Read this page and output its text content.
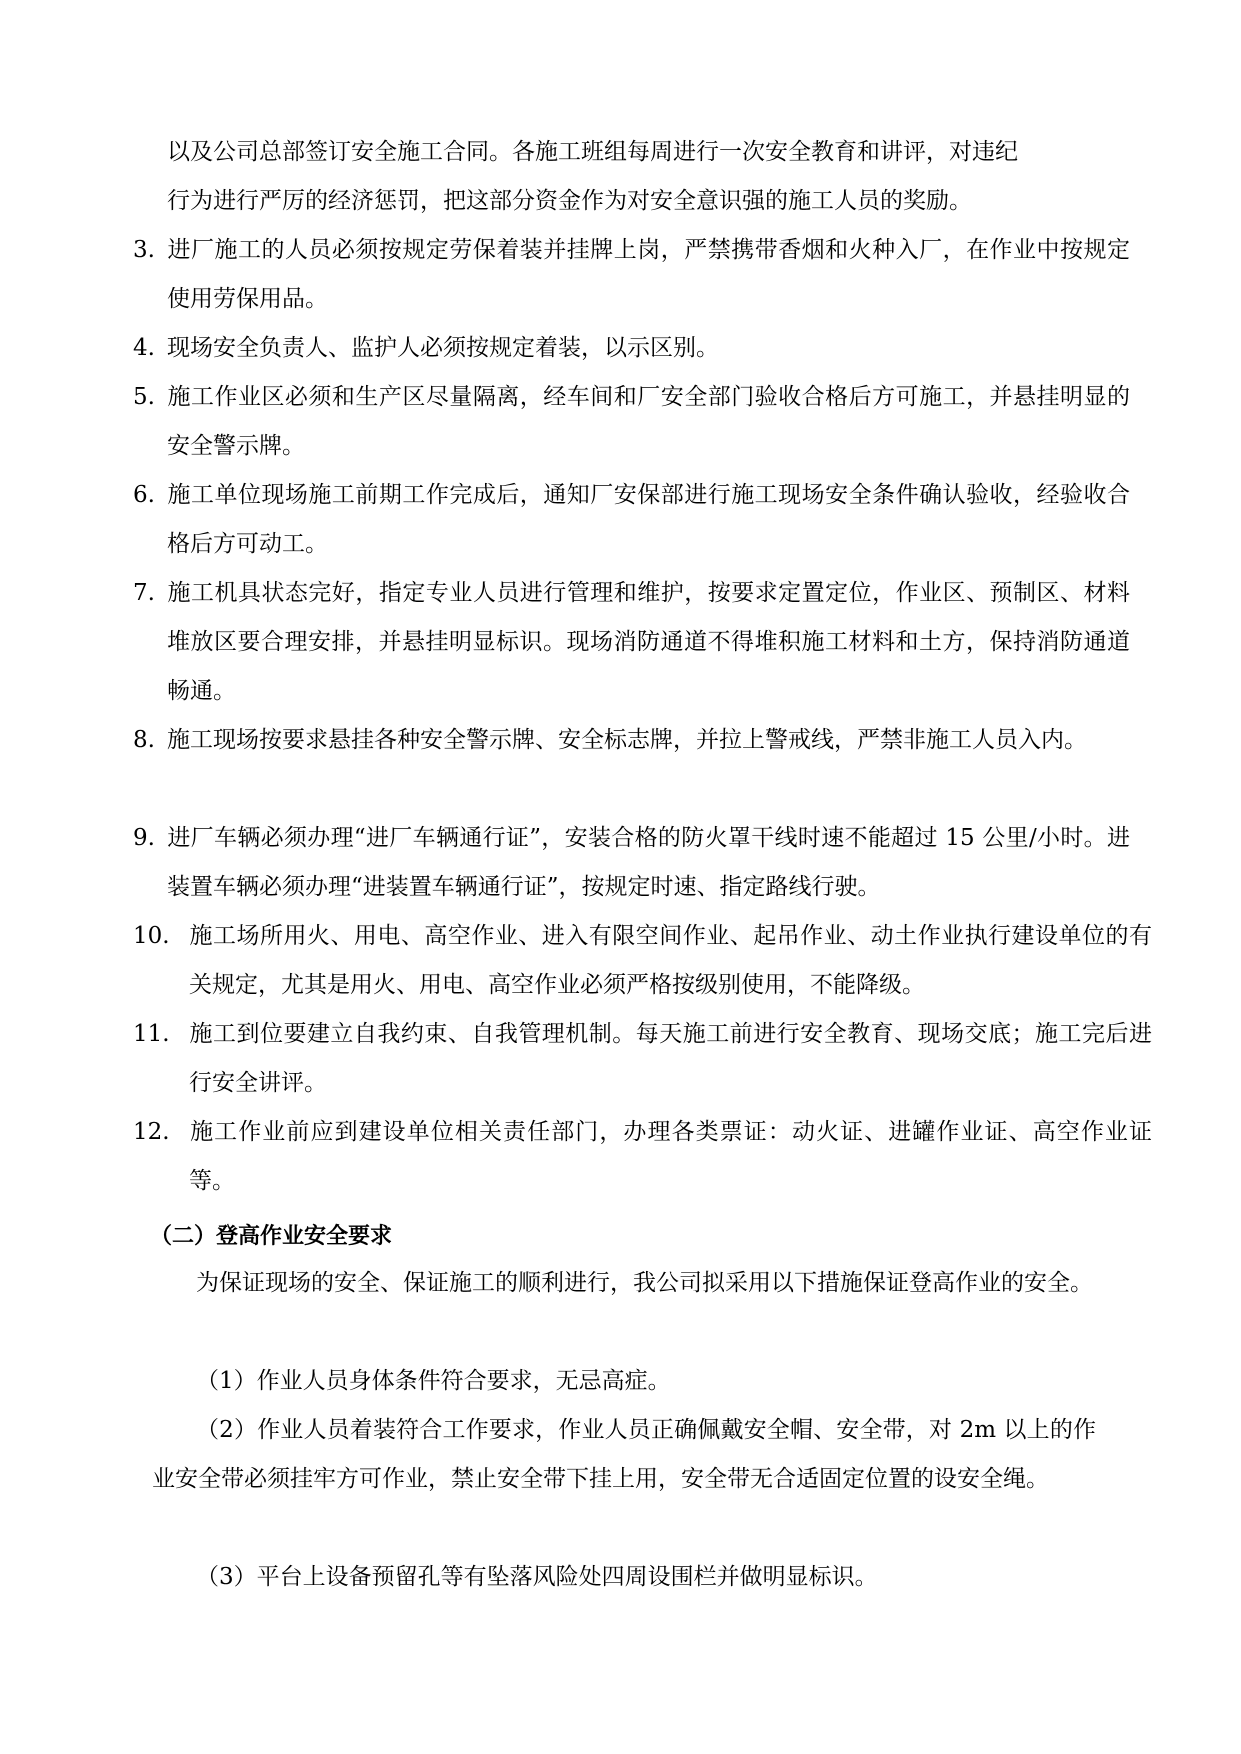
以及公司总部签订安全施工合同。各施工班组每周进行一次安全教育和讲评，对违纪

行为进行严厉的经济惩罚，把这部分资金作为对安全意识强的施工人员的奖励。

3. 进厂施工的人员必须按规定劳保着装并挂牌上岗，严禁携带香烟和火种入厂，在作业中按规定使用劳保用品。

4. 现场安全负责人、监护人必须按规定着装，以示区别。

5. 施工作业区必须和生产区尽量隔离，经车间和厂安全部门验收合格后方可施工，并悬挂明显的安全警示牌。

6. 施工单位现场施工前期工作完成后，通知厂安保部进行施工现场安全条件确认验收，经验收合格后方可动工。

7. 施工机具状态完好，指定专业人员进行管理和维护，按要求定置定位，作业区、预制区、材料堆放区要合理安排，并悬挂明显标识。现场消防通道不得堆积施工材料和土方，保持消防通道畅通。

8. 施工现场按要求悬挂各种安全警示牌、安全标志牌，并拉上警戒线，严禁非施工人员入内。

9. 进厂车辆必须办理“进厂车辆通行证”，安装合格的防火罩干线时速不能超过 15 公里/小时。进装置车辆必须办理“进装置车辆通行证”，按规定时速、指定路线行驶。

10. 施工场所用火、用电、高空作业、进入有限空间作业、起吊作业、动土作业执行建设单位的有关规定，尤其是用火、用电、高空作业必须严格按级别使用，不能降级。

11. 施工到位要建立自我约束、自我管理机制。每天施工前进行安全教育、现场交底；施工完后进行安全讲评。

12. 施工作业前应到建设单位相关责任部门，办理各类票证：动火证、进罐作业证、高空作业证等。

（二）登高作业安全要求

为保证现场的安全、保证施工的顺利进行，我公司拟采用以下措施保证登高作业的安全。

（1）作业人员身体条件符合要求，无忌高症。

（2）作业人员着装符合工作要求，作业人员正确佩戴安全帽、安全带，对 2m 以上的作业安全带必须挂牢方可作业，禁止安全带下挂上用，安全带无合适固定位置的设安全绳。

（3）平台上设备预留孔等有坠落风险处四周设围栏并做明显标识。
